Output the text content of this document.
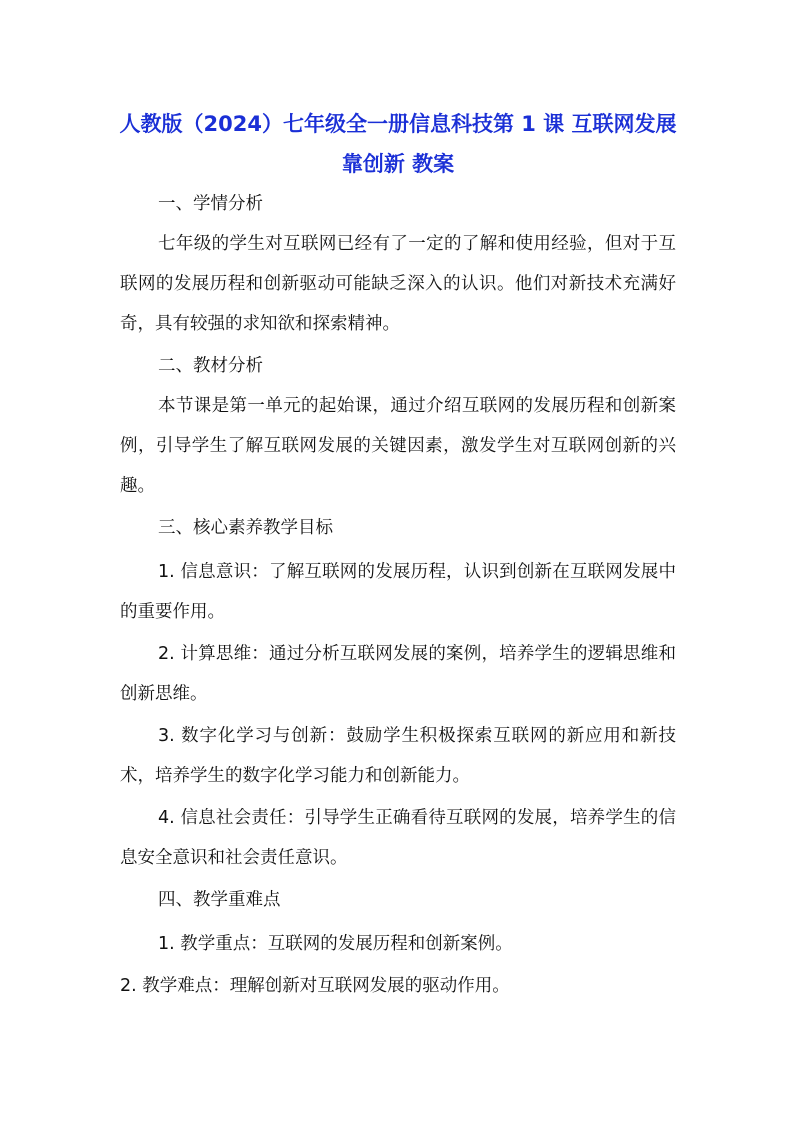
人教版（2024）七年级全一册信息科技第 1 课 互联网发展靠创新 教案

一、学情分析

七年级的学生对互联网已经有了一定的了解和使用经验，但对于互联网的发展历程和创新驱动可能缺乏深入的认识。他们对新技术充满好奇，具有较强的求知欲和探索精神。

二、教材分析

本节课是第一单元的起始课，通过介绍互联网的发展历程和创新案例，引导学生了解互联网发展的关键因素，激发学生对互联网创新的兴趣。

三、核心素养教学目标

1. 信息意识：了解互联网的发展历程，认识到创新在互联网发展中的重要作用。

2. 计算思维：通过分析互联网发展的案例，培养学生的逻辑思维和创新思维。

3. 数字化学习与创新：鼓励学生积极探索互联网的新应用和新技术，培养学生的数字化学习能力和创新能力。

4. 信息社会责任：引导学生正确看待互联网的发展，培养学生的信息安全意识和社会责任意识。

四、教学重难点

1. 教学重点：互联网的发展历程和创新案例。

2. 教学难点：理解创新对互联网发展的驱动作用。
